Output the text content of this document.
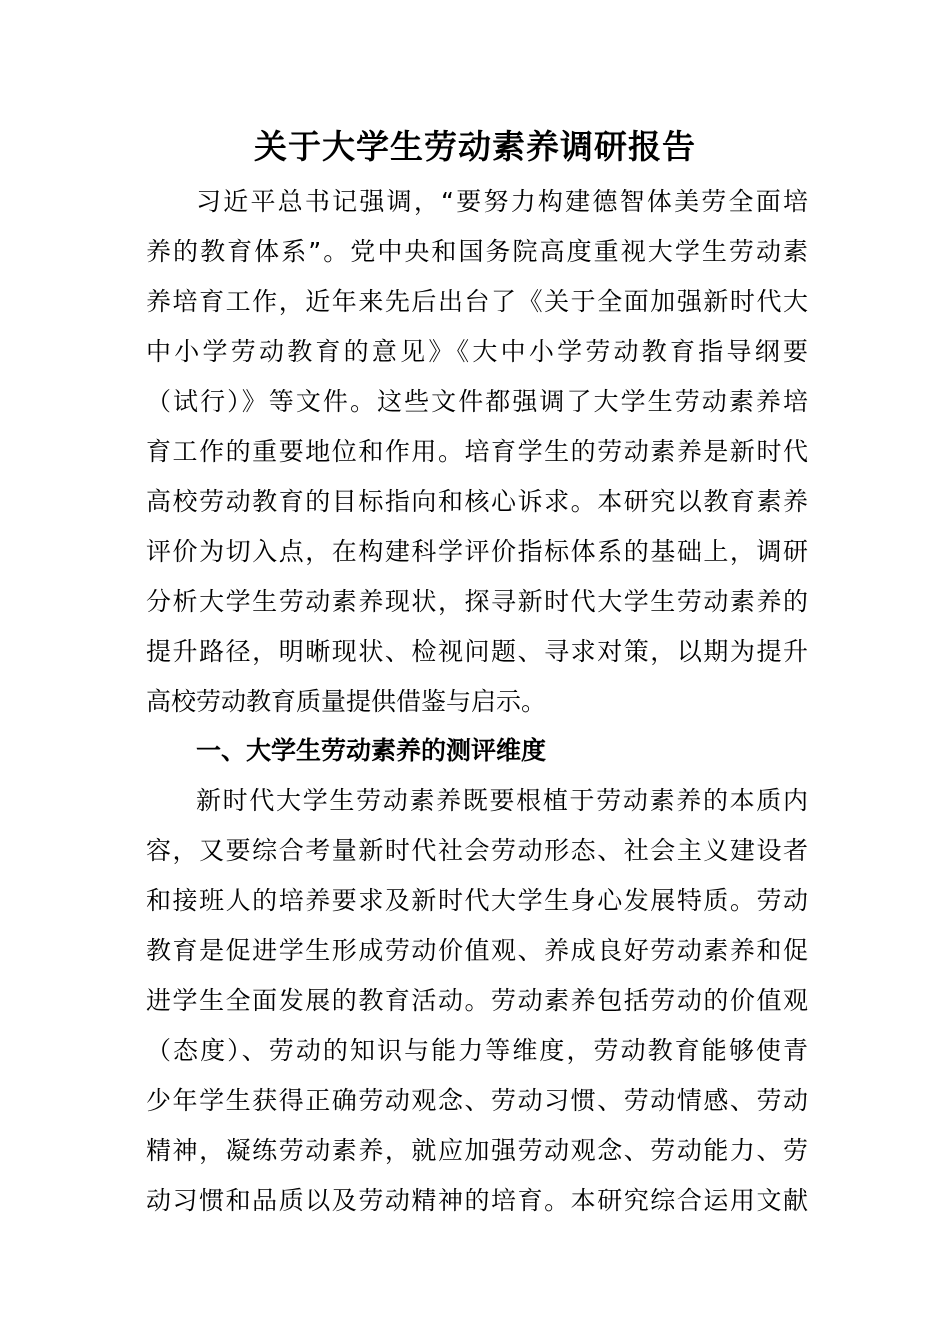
关于大学生劳动素养调研报告
习近平总书记强调，“要努力构建德智体美劳全面培
养的教育体系”。党中央和国务院高度重视大学生劳动素
养培育工作，近年来先后出台了《关于全面加强新时代大
中小学劳动教育的意见》《大中小学劳动教育指导纲要
（试行）》等文件。这些文件都强调了大学生劳动素养培
育工作的重要地位和作用。培育学生的劳动素养是新时代
高校劳动教育的目标指向和核心诉求。本研究以教育素养
评价为切入点，在构建科学评价指标体系的基础上，调研
分析大学生劳动素养现状，探寻新时代大学生劳动素养的
提升路径，明晰现状、检视问题、寻求对策，以期为提升
高校劳动教育质量提供借鉴与启示。
一、大学生劳动素养的测评维度
新时代大学生劳动素养既要根植于劳动素养的本质内
容，又要综合考量新时代社会劳动形态、社会主义建设者
和接班人的培养要求及新时代大学生身心发展特质。劳动
教育是促进学生形成劳动价值观、养成良好劳动素养和促
进学生全面发展的教育活动。劳动素养包括劳动的价值观
（态度）、劳动的知识与能力等维度，劳动教育能够使青
少年学生获得正确劳动观念、劳动习惯、劳动情感、劳动
精神，凝练劳动素养，就应加强劳动观念、劳动能力、劳
动习惯和品质以及劳动精神的培育。本研究综合运用文献
